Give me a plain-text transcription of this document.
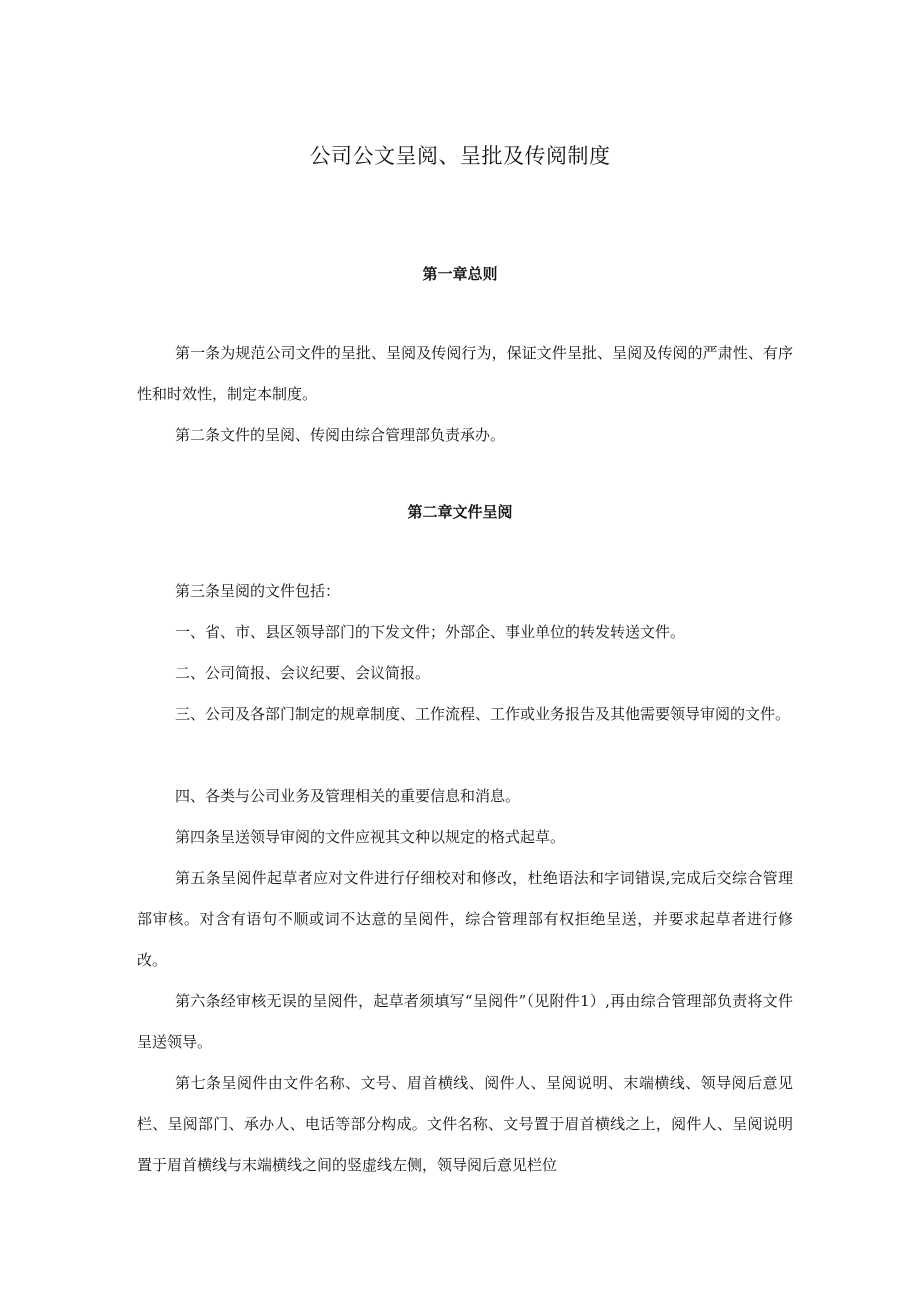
公司公文呈阅、呈批及传阅制度
第一章总则

第一条为规范公司文件的呈批、呈阅及传阅行为，保证文件呈批、呈阅及传阅的严肃性、有序性和时效性，制定本制度。

第二条文件的呈阅、传阅由综合管理部负责承办。

第二章文件呈阅

第三条呈阅的文件包括：

一、省、市、县区领导部门的下发文件；外部企、事业单位的转发转送文件。

二、公司简报、会议纪要、会议简报。

三、公司及各部门制定的规章制度、工作流程、工作或业务报告及其他需要领导审阅的文件。

四、各类与公司业务及管理相关的重要信息和消息。

第四条呈送领导审阅的文件应视其文种以规定的格式起草。

第五条呈阅件起草者应对文件进行仔细校对和修改，杜绝语法和字词错误,完成后交综合管理部审核。对含有语句不顺或词不达意的呈阅件，综合管理部有权拒绝呈送，并要求起草者进行修改。

第六条经审核无误的呈阅件，起草者须填写“呈阅件”（见附件1）,再由综合管理部负责将文件呈送领导。

第七条呈阅件由文件名称、文号、眉首横线、阅件人、呈阅说明、末端横线、领导阅后意见栏、呈阅部门、承办人、电话等部分构成。文件名称、文号置于眉首横线之上，阅件人、呈阅说明置于眉首横线与末端横线之间的竖虚线左侧，领导阅后意见栏位
